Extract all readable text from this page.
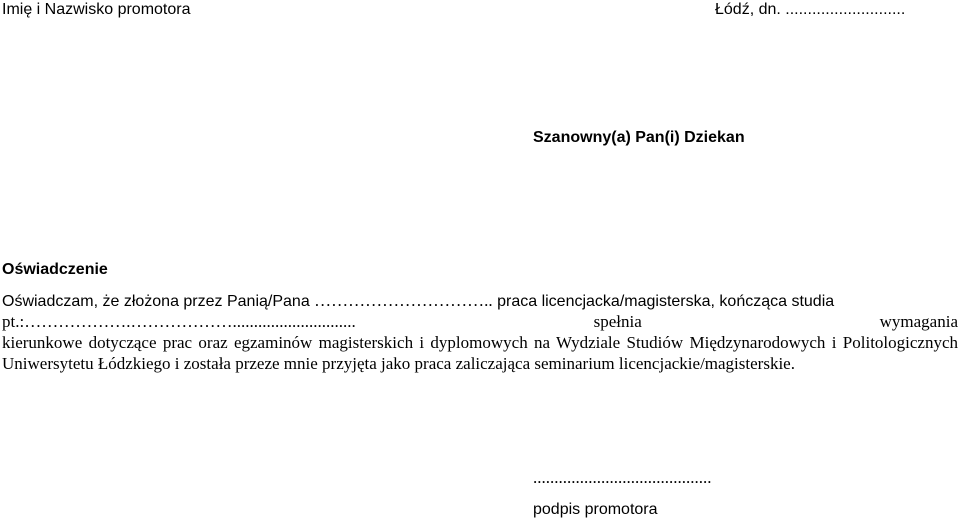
Imię i Nazwisko promotora	Łódź, dn. ...........................
Szanowny(a) Pan(i) Dziekan
Oświadczenie
Oświadczam, że złożona przez Panią/Pana ………………………….. praca licencjacka/magisterska, kończąca studia
pt.:……………….……………….............................	spełnia	wymagania
kierunkowe dotyczące prac oraz egzaminów magisterskich i dyplomowych na Wydziale Studiów Międzynarodowych i Politologicznych Uniwersytetu Łódzkiego i została przeze mnie przyjęta jako praca zaliczająca seminarium licencjackie/magisterskie.
..........................................
podpis promotora
